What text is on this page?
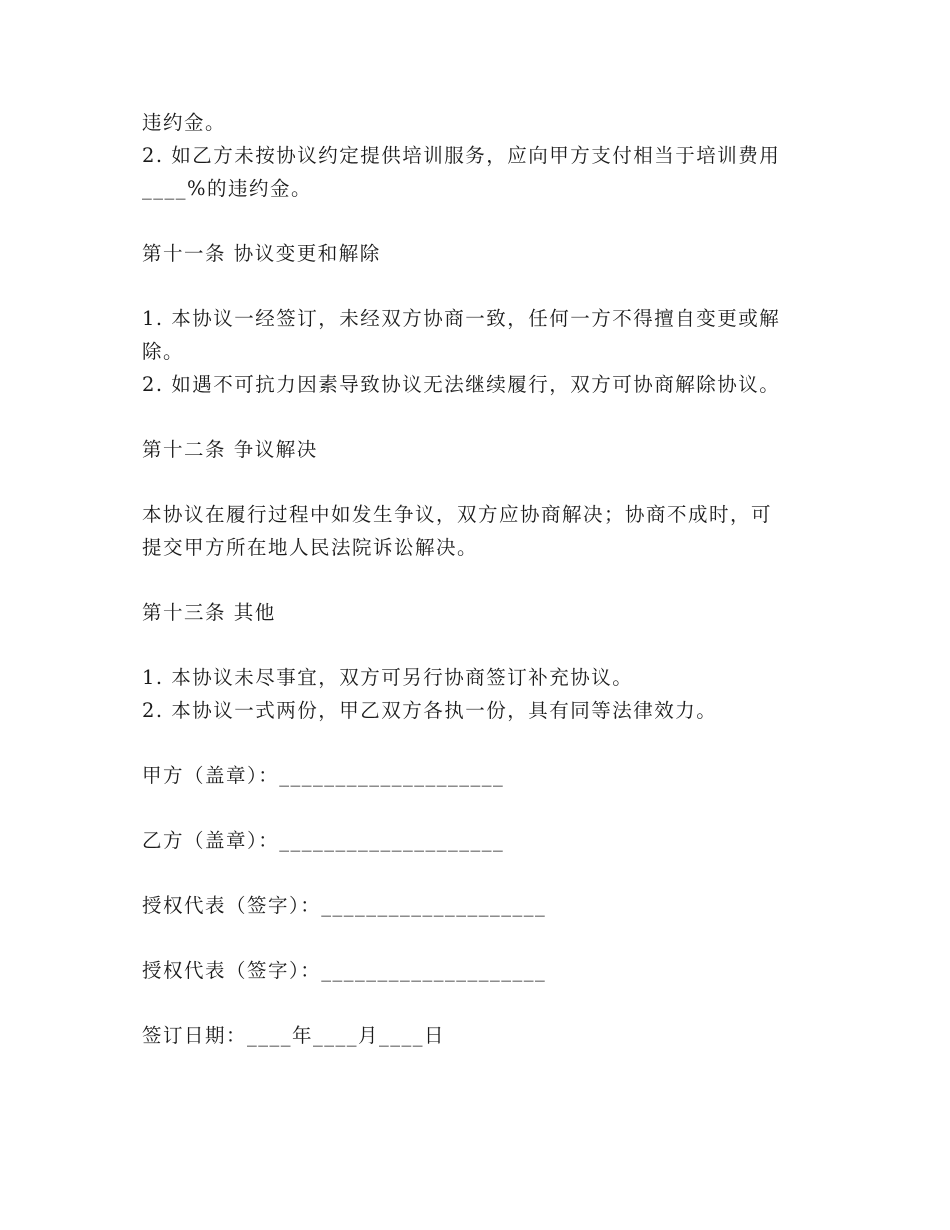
违约金。
2. 如乙方未按协议约定提供培训服务，应向甲方支付相当于培训费用
____%的违约金。
第十一条 协议变更和解除
1. 本协议一经签订，未经双方协商一致，任何一方不得擅自变更或解
除。
2. 如遇不可抗力因素导致协议无法继续履行，双方可协商解除协议。
第十二条 争议解决
本协议在履行过程中如发生争议，双方应协商解决；协商不成时，可
提交甲方所在地人民法院诉讼解决。
第十三条 其他
1. 本协议未尽事宜，双方可另行协商签订补充协议。
2. 本协议一式两份，甲乙双方各执一份，具有同等法律效力。
甲方（盖章）：____________________
乙方（盖章）：____________________
授权代表（签字）：____________________
授权代表（签字）：____________________
签订日期：____年____月____日
